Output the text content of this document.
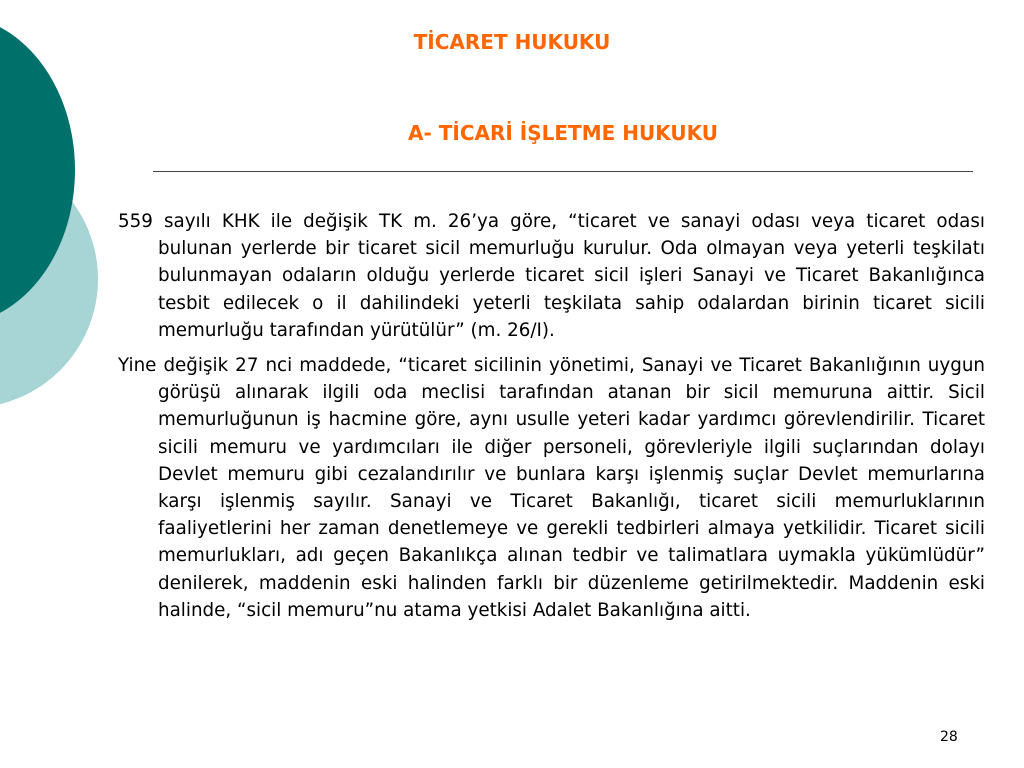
TİCARET HUKUKU
A- TİCARİ İŞLETME HUKUKU

559 sayılı KHK ile değişik TK m. 26’ya göre, “ticaret ve sanayi odası veya ticaret odası bulunan yerlerde bir ticaret sicil memurluğu kurulur. Oda olmayan veya yeterli teşkilatı bulunmayan odaların olduğu yerlerde ticaret sicil işleri Sanayi ve Ticaret Bakanlığınca tesbit edilecek o il dahilindeki yeterli teşkilata sahip odalardan birinin ticaret sicili memurluğu tarafından yürütülür” (m. 26/I).

Yine değişik 27 nci maddede, “ticaret sicilinin yönetimi, Sanayi ve Ticaret Bakanlığının uygun görüşü alınarak ilgili oda meclisi tarafından atanan bir sicil memuruna aittir. Sicil memurluğunun iş hacmine göre, aynı usulle yeteri kadar yardımcı görevlendirilir. Ticaret sicili memuru ve yardımcıları ile diğer personeli, görevleriyle ilgili suçlarından dolayı Devlet memuru gibi cezalandırılır ve bunlara karşı işlenmiş suçlar Devlet memurlarına karşı işlenmiş sayılır. Sanayi ve Ticaret Bakanlığı, ticaret sicili memurluklarının faaliyetlerini her zaman denetlemeye ve gerekli tedbirleri almaya yetkilidir. Ticaret sicili memurlukları, adı geçen Bakanlıkça alınan tedbir ve talimatlara uymakla yükümlüdür” denilerek, maddenin eski halinden farklı bir düzenleme getirilmektedir. Maddenin eski halinde, “sicil memuru”nu atama yetkisi Adalet Bakanlığına aitti.

28
